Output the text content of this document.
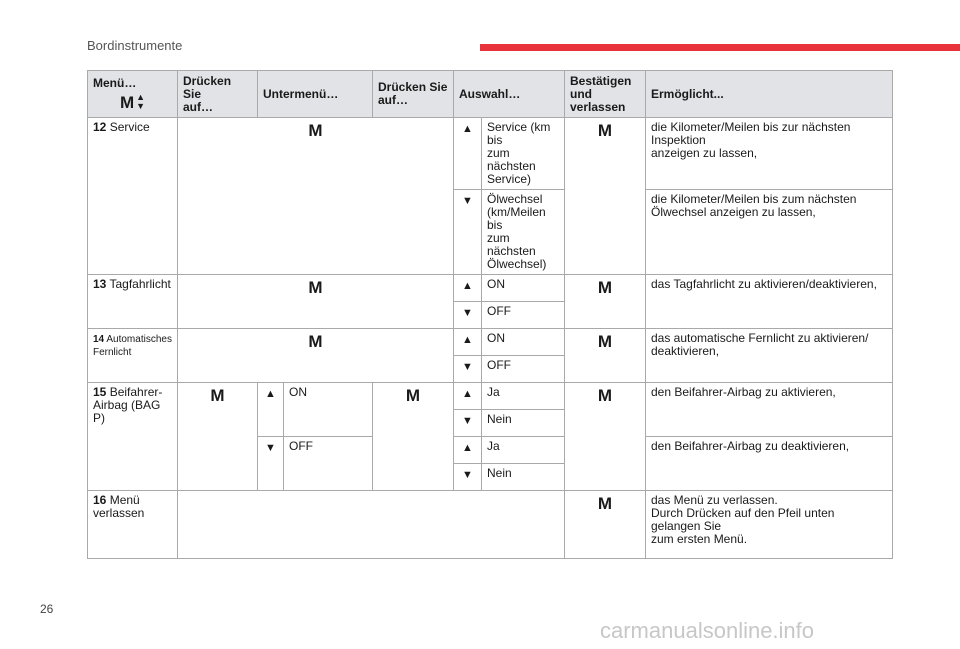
Bordinstrumente
Menü…
M ▲
▼	Drücken Sie
auf…	Untermenü…		Drücken Sie
auf…	Auswahl…		Bestätigen
und
verlassen	Ermöglicht...
12 Service	M				▲	Service (km bis
zum nächsten
Service)	M	die Kilometer/Meilen bis zur nächsten Inspektion
anzeigen zu lassen,

					▼	Ölwechsel
(km/Meilen bis
zum nächsten
Ölwechsel)		die Kilometer/Meilen bis zum nächsten
Ölwechsel anzeigen zu lassen,

13 Tagfahrlicht	M				▲	ON	M	das Tagfahrlicht zu aktivieren/deaktivieren,
					▼	OFF		
14 Automatisches
Fernlicht	M				▲	ON	M	das automatische Fernlicht zu aktivieren/
deaktivieren,

					▼	OFF		
15 Beifahrer-
Airbag (BAG P)	M	▲	ON	M	▲	Ja	M	den Beifahrer-Airbag zu aktivieren,
					▼	Nein		
		▼	OFF		▲	Ja		den Beifahrer-Airbag zu deaktivieren,
					▼	Nein		
16 Menü
verlassen							M	das Menü zu verlassen.
Durch Drücken auf den Pfeil unten gelangen Sie
zum ersten Menü.
26
carmanualsonline.info
